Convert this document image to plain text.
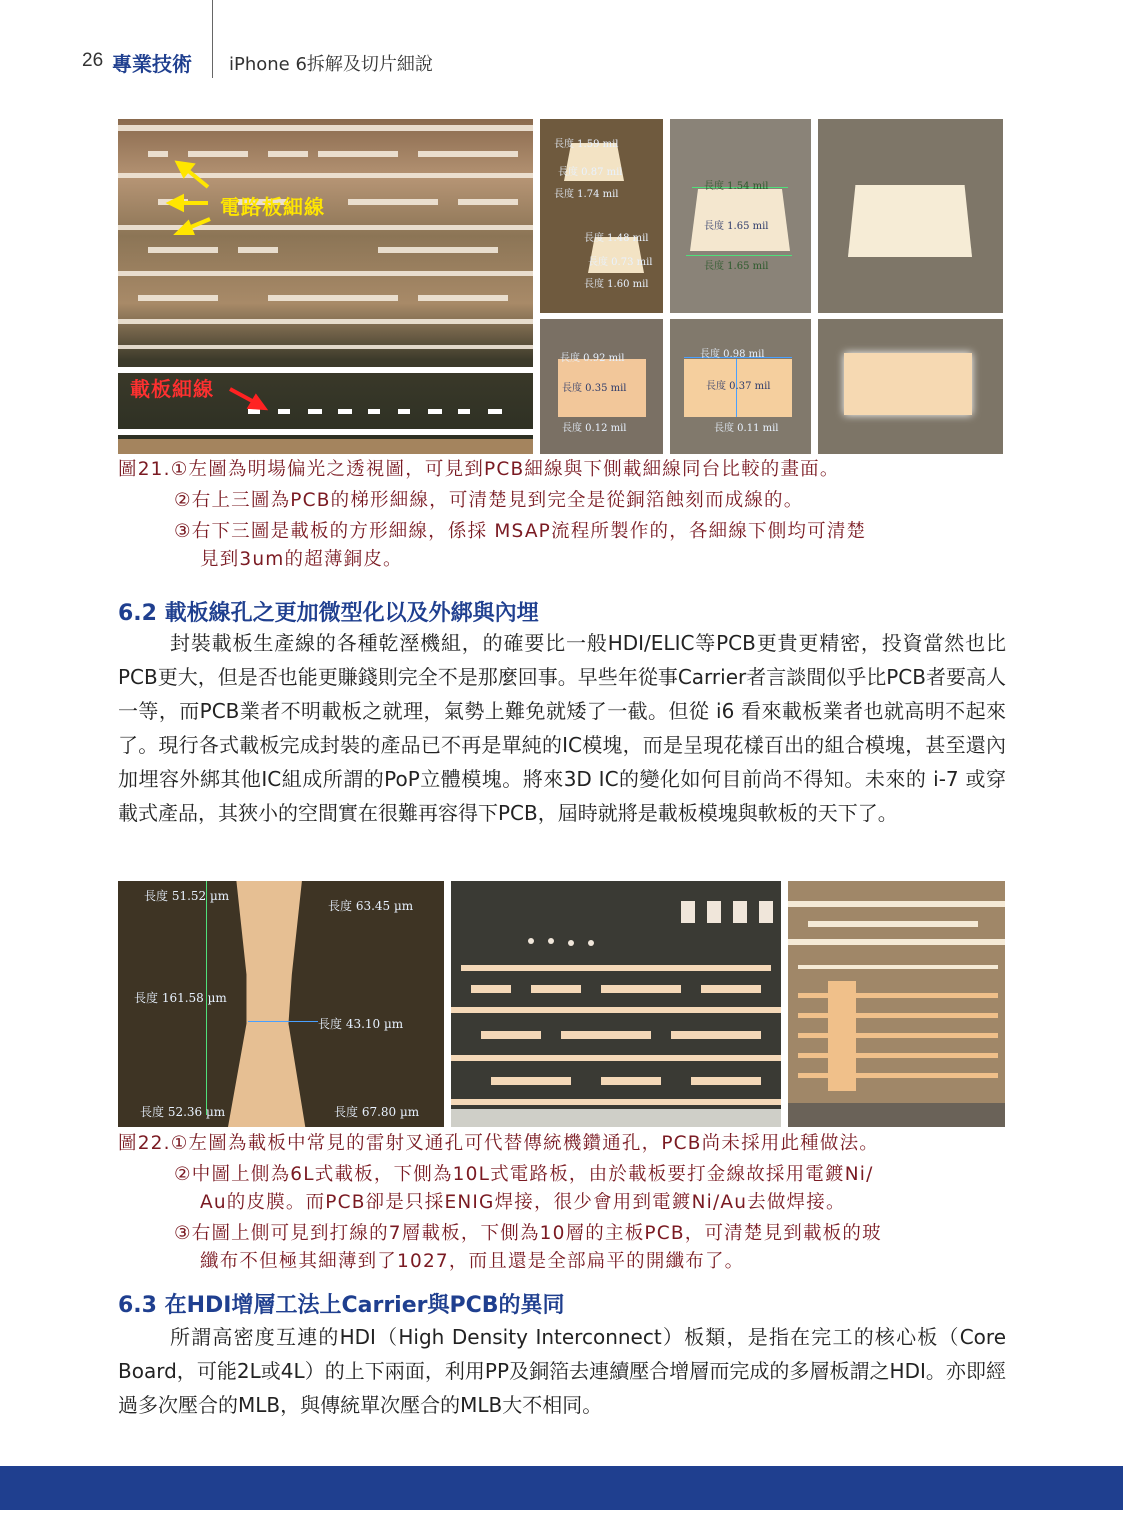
26 專業技術 iPhone 6拆解及切片細說
電路板細線
載板細線
長度 1.59 mil
長度 0.87 mil
長度 1.74 mil
長度 1.48 mil
長度 0.73 mil
長度 1.60 mil
長度 1.54 mil
長度 1.65 mil
長度 1.65 mil
長度 0.92 mil
長度 0.35 mil
長度 0.12 mil
長度 0.98 mil
長度 0.37 mil
長度 0.11 mil
圖21.①左圖為明場偏光之透視圖，可見到PCB細線與下側載細線同台比較的畫面。
②右上三圖為PCB的梯形細線，可清楚見到完全是從銅箔蝕刻而成線的。
③右下三圖是載板的方形細線，係採 MSAP流程所製作的，各細線下側均可清楚
見到3um的超薄銅皮。
6.2 載板線孔之更加微型化以及外綁與內埋

封裝載板生產線的各種乾溼機組，的確要比一般HDI/ELIC等PCB更貴更精密，投資當然也比PCB更大，但是否也能更賺錢則完全不是那麼回事。早些年從事Carrier者言談間似乎比PCB者要高人一等，而PCB業者不明載板之就理，氣勢上難免就矮了一截。但從 i6 看來載板業者也就高明不起來了。現行各式載板完成封裝的產品已不再是單純的IC模塊，而是呈現花樣百出的組合模塊，甚至還內加埋容外綁其他IC組成所謂的PoP立體模塊。將來3D IC的變化如何目前尚不得知。未來的 i-7 或穿載式產品，其狹小的空間實在很難再容得下PCB，屆時就將是載板模塊與軟板的天下了。

長度 51.52 µm
長度 63.45 µm
長度 161.58 µm
長度 43.10 µm
長度 52.36 µm	長度 67.80 µm
圖22.①左圖為載板中常見的雷射叉通孔可代替傳統機鑽通孔，PCB尚未採用此種做法。
②中圖上側為6L式載板，下側為10L式電路板，由於載板要打金線故採用電鍍Ni/
Au的皮膜。而PCB卻是只採ENIG焊接，很少會用到電鍍Ni/Au去做焊接。
③右圖上側可見到打線的7層載板，下側為10層的主板PCB，可清楚見到載板的玻
纖布不但極其細薄到了1027，而且還是全部扁平的開纖布了。
6.3 在HDI增層工法上Carrier與PCB的異同

所謂高密度互連的HDI（High Density Interconnect）板類，是指在完工的核心板（Core Board，可能2L或4L）的上下兩面，利用PP及銅箔去連續壓合增層而完成的多層板謂之HDI。亦即經過多次壓合的MLB，與傳統單次壓合的MLB大不相同。
